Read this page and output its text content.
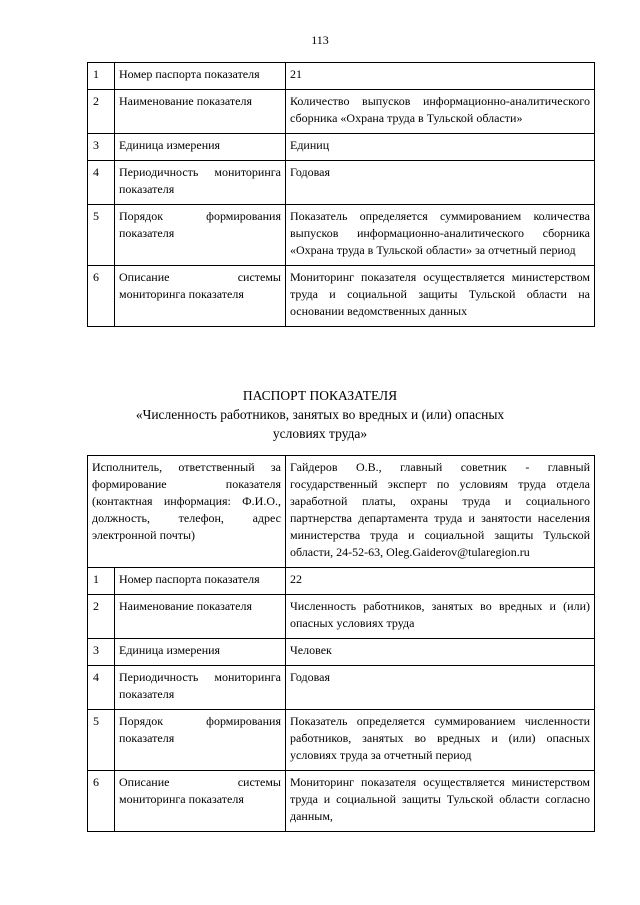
113
1	Номер паспорта показателя	21
2	Наименование показателя	Количество выпусков информационно-аналитического сборника «Охрана труда в Тульской области»
3	Единица измерения	Единиц
4	Периодичность мониторинга показателя	Годовая
5	Порядок формирования показателя	Показатель определяется суммированием количества выпусков информационно-аналитического сборника «Охрана труда в Тульской области» за отчетный период
6	Описание системы мониторинга показателя	Мониторинг показателя осуществляется министерством труда и социальной защиты Тульской области на основании ведомственных данных
ПАСПОРТ ПОКАЗАТЕЛЯ
«Численность работников, занятых во вредных и (или) опасных
условиях труда»
Исполнитель, ответственный за формирование показателя (контактная информация: Ф.И.О., должность, телефон, адрес электронной почты)		Гайдеров О.В., главный советник - главный государственный эксперт по условиям труда отдела заработной платы, охраны труда и социального партнерства департамента труда и занятости населения министерства труда и социальной защиты Тульской области, 24-52-63, Oleg.Gaiderov@tularegion.ru
1	Номер паспорта показателя	22
2	Наименование показателя	Численность работников, занятых во вредных и (или) опасных условиях труда
3	Единица измерения	Человек
4	Периодичность мониторинга показателя	Годовая
5	Порядок формирования показателя	Показатель определяется суммированием численности работников, занятых во вредных и (или) опасных условиях труда за отчетный период
6	Описание системы мониторинга показателя	Мониторинг показателя осуществляется министерством труда и социальной защиты Тульской области согласно данным,
